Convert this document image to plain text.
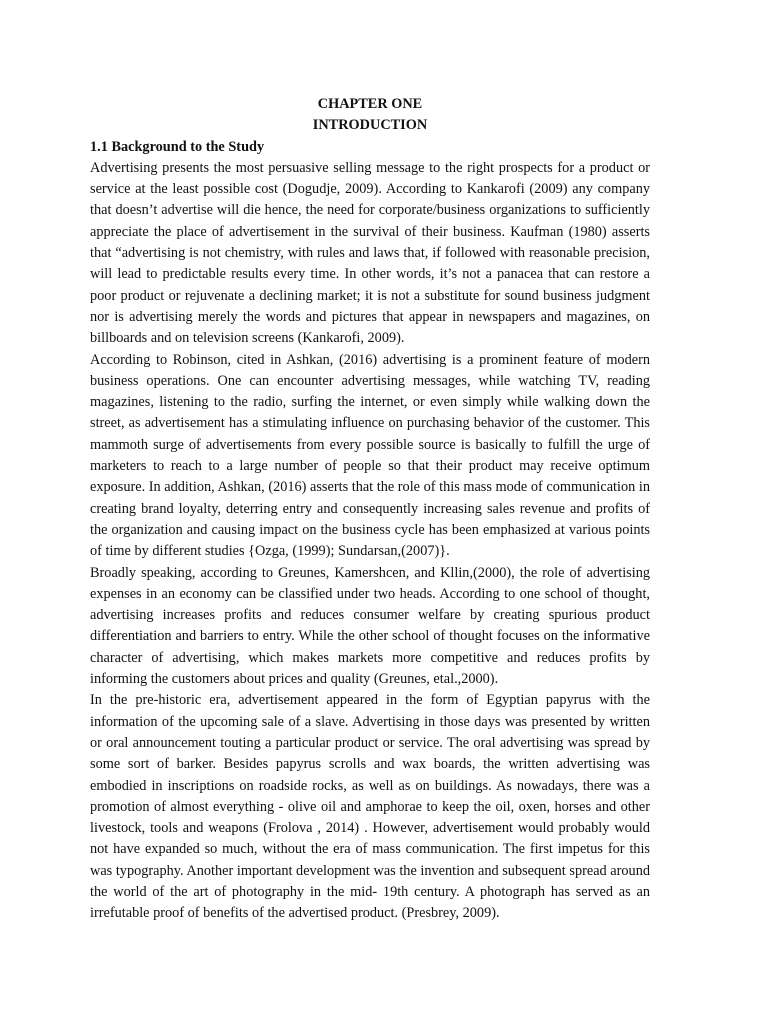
CHAPTER ONE

INTRODUCTION

1.1 Background to the Study

Advertising presents the most persuasive selling message to the right prospects for a product or service at the least possible cost (Dogudje, 2009). According to Kankarofi (2009) any company that doesn’t advertise will die hence, the need for corporate/business organizations to sufficiently appreciate the place of advertisement in the survival of their business. Kaufman (1980) asserts that “advertising is not chemistry, with rules and laws that, if followed with reasonable precision, will lead to predictable results every time. In other words, it’s not a panacea that can restore a poor product or rejuvenate a declining market; it is not a substitute for sound business judgment nor is advertising merely the words and pictures that appear in newspapers and magazines, on billboards and on television screens (Kankarofi, 2009).

According to Robinson, cited in Ashkan, (2016) advertising is a prominent feature of modern business operations. One can encounter advertising messages, while watching TV, reading magazines, listening to the radio, surfing the internet, or even simply while walking down the street, as advertisement has a stimulating influence on purchasing behavior of the customer. This mammoth surge of advertisements from every possible source is basically to fulfill the urge of marketers to reach to a large number of people so that their product may receive optimum exposure. In addition, Ashkan, (2016) asserts that the role of this mass mode of communication in creating brand loyalty, deterring entry and consequently increasing sales revenue and profits of the organization and causing impact on the business cycle has been emphasized at various points of time by different studies {Ozga, (1999); Sundarsan,(2007)}.

Broadly speaking, according to Greunes, Kamershcen, and Kllin,(2000), the role of advertising expenses in an economy can be classified under two heads. According to one school of thought, advertising increases profits and reduces consumer welfare by creating spurious product differentiation and barriers to entry. While the other school of thought focuses on the informative character of advertising, which makes markets more competitive and reduces profits by informing the customers about prices and quality (Greunes, etal.,2000).

In the pre-historic era, advertisement appeared in the form of Egyptian papyrus with the information of the upcoming sale of a slave. Advertising in those days was presented by written or oral announcement touting a particular product or service. The oral advertising was spread by some sort of barker. Besides papyrus scrolls and wax boards, the written advertising was embodied in inscriptions on roadside rocks, as well as on buildings. As nowadays, there was a promotion of almost everything - olive oil and amphorae to keep the oil, oxen, horses and other livestock, tools and weapons (Frolova , 2014) . However, advertisement would probably would not have expanded so much, without the era of mass communication. The first impetus for this was typography. Another important development was the invention and subsequent spread around the world of the art of photography in the mid- 19th century. A photograph has served as an irrefutable proof of benefits of the advertised product. (Presbrey, 2009).
